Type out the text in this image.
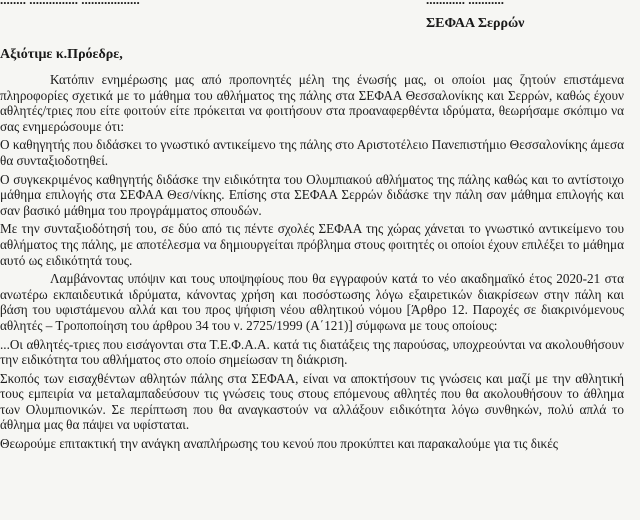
ΣΕΦΑΑ Σερρών
Αξιότιμε κ.Πρόεδρε,

Κατόπιν ενημέρωσης μας από προπονητές μέλη της ένωσής μας, οι οποίοι μας ζητούν επιστάμενα πληροφορίες σχετικά με το μάθημα του αθλήματος της πάλης στα ΣΕΦΑΑ Θεσσαλονίκης και Σερρών, καθώς έχουν αθλητές/τριες που είτε φοιτούν είτε πρόκειται να φοιτήσουν στα προαναφερθέντα ιδρύματα, θεωρήσαμε σκόπιμο να σας ενημερώσουμε ότι:

Ο καθηγητής που διδάσκει το γνωστικό αντικείμενο της πάλης στο Αριστοτέλειο Πανεπιστήμιο Θεσσαλονίκης άμεσα θα συνταξιοδοτηθεί.

Ο συγκεκριμένος καθηγητής διδάσκε την ειδικότητα του Ολυμπιακού αθλήματος της πάλης καθώς και το αντίστοιχο μάθημα επιλογής στα ΣΕΦΑΑ Θεσ/νίκης. Επίσης στα ΣΕΦΑΑ Σερρών διδάσκε την πάλη σαν μάθημα επιλογής και σαν βασικό μάθημα του προγράμματος σπουδών.

Με την συνταξιοδότησή του, σε δύο από τις πέντε σχολές ΣΕΦΑΑ της χώρας χάνεται το γνωστικό αντικείμενο του αθλήματος της πάλης, με αποτέλεσμα να δημιουργείται πρόβλημα στους φοιτητές οι οποίοι έχουν επιλέξει το μάθημα αυτό ως ειδικότητά τους.

Λαμβάνοντας υπόψιν και τους υποψηφίους που θα εγγραφούν κατά το νέο ακαδημαϊκό έτος 2020-21 στα ανωτέρω εκπαιδευτικά ιδρύματα, κάνοντας χρήση και ποσόστωσης λόγω εξαιρετικών διακρίσεων στην πάλη και βάση του υφιστάμενου αλλά και του προς ψήφιση νέου αθλητικού νόμου [Άρθρο 12. Παροχές σε διακρινόμενους αθλητές – Τροποποίηση του άρθρου 34 του ν. 2725/1999 (Α΄121)] σύμφωνα με τους οποίους:

...Οι αθλητές-τριες που εισάγονται στα Τ.Ε.Φ.Α.Α. κατά τις διατάξεις της παρούσας, υποχρεούνται να ακολουθήσουν την ειδικότητα του αθλήματος στο οποίο σημείωσαν τη διάκριση.

Σκοπός των εισαχθέντων αθλητών πάλης στα ΣΕΦΑΑ, είναι να αποκτήσουν τις γνώσεις και μαζί με την αθλητική τους εμπειρία να μεταλαμπαδεύσουν τις γνώσεις τους στους επόμενους αθλητές που θα ακολουθήσουν το άθλημα των Ολυμπιονικών. Σε περίπτωση που θα αναγκαστούν να αλλάξουν ειδικότητα λόγω συνθηκών, πολύ απλά το άθλημα μας θα πάψει να υφίσταται.

Θεωρούμε επιτακτική την ανάγκη αναπλήρωσης του κενού που προκύπτει και παρακαλούμε για τις δικές
